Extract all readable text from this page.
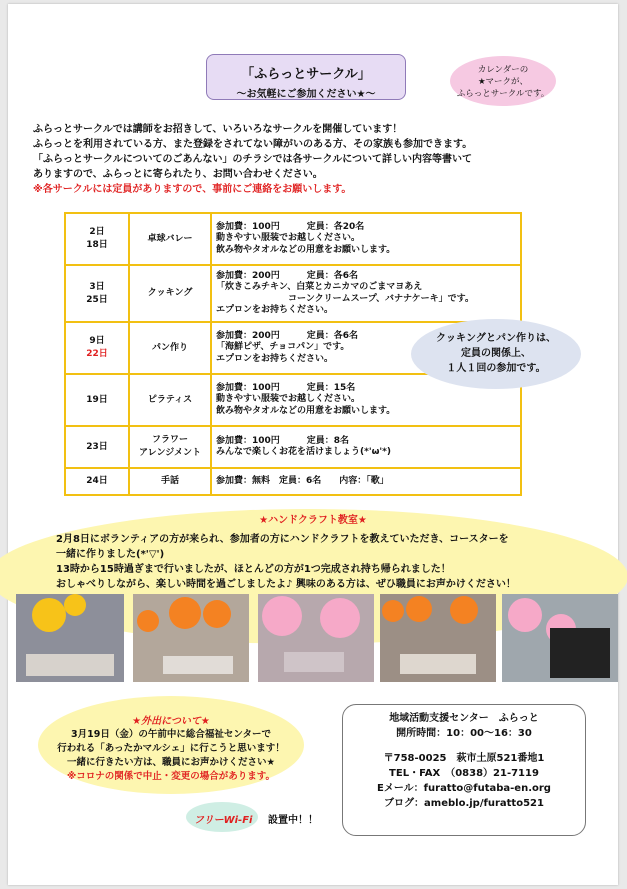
「ふらっとサークル」
～お気軽にご参加ください★～
カレンダーの
★マークが、
ふらっとサークルです。
ふらっとサークルでは講師をお招きして、いろいろなサークルを開催しています！
ふらっとを利用されている方、また登録をされてない障がいのある方、その家族も参加できます。
「ふらっとサークルについてのごあんない」のチラシでは各サークルについて詳しい内容等書いて
ありますので、ふらっとに寄られたり、お問い合わせください。
※各サークルには定員がありますので、事前にご連絡をお願いします。
2日
18日	卓球バレー	参加費：100円　　　定員：各20名
動きやすい服装でお越しください。
飲み物やタオルなどの用意をお願いします。

3日
25日	クッキング	参加費：200円　　　定員：各6名
「炊きこみチキン、白菜とカニカマのごまマヨあえ
　　　　　　　　コーンクリームスープ、バナナケーキ」です。
エプロンをお持ちください。

9日
22日	パン作り	参加費：200円　　　定員：各6名
「海鮮ピザ、チョコパン」です。
エプロンをお持ちください。

19日	ピラティス	参加費：100円　　　定員：15名
動きやすい服装でお越しください。
飲み物やタオルなどの用意をお願いします。

23日	フラワー
アレンジメント	参加費：100円　　　定員：8名
みんなで楽しくお花を活けましょう(*'ω'*)

24日	手話	参加費：無料　定員：6名　　内容：「歌」
クッキングとパン作りは、
定員の関係上、
１人１回の参加です。
★ハンドクラフト教室★
2月8日にボランティアの方が来られ、参加者の方にハンドクラフトを教えていただき、コースターを
一緒に作りました(*'▽')
13時から15時過ぎまで行いましたが、ほとんどの方が1つ完成され持ち帰られました！
おしゃべりしながら、楽しい時間を過ごしましたよ♪ 興味のある方は、ぜひ職員にお声かけください！
★外出について★
3月19日（金）の午前中に総合福祉センターで
行われる「あったかマルシェ」に行こうと思います！
一緒に行きたい方は、職員にお声かけください★
※コロナの関係で中止・変更の場合があります。
フリーWi-Fi 設置中！！
地域活動支援センター　ふらっと
開所時間：10：00～16：30
〒758-0025　萩市土原521番地1
TEL・FAX　（0838）21-7119
Eメール：furatto@futaba-en.org
ブログ：ameblo.jp/furatto521
